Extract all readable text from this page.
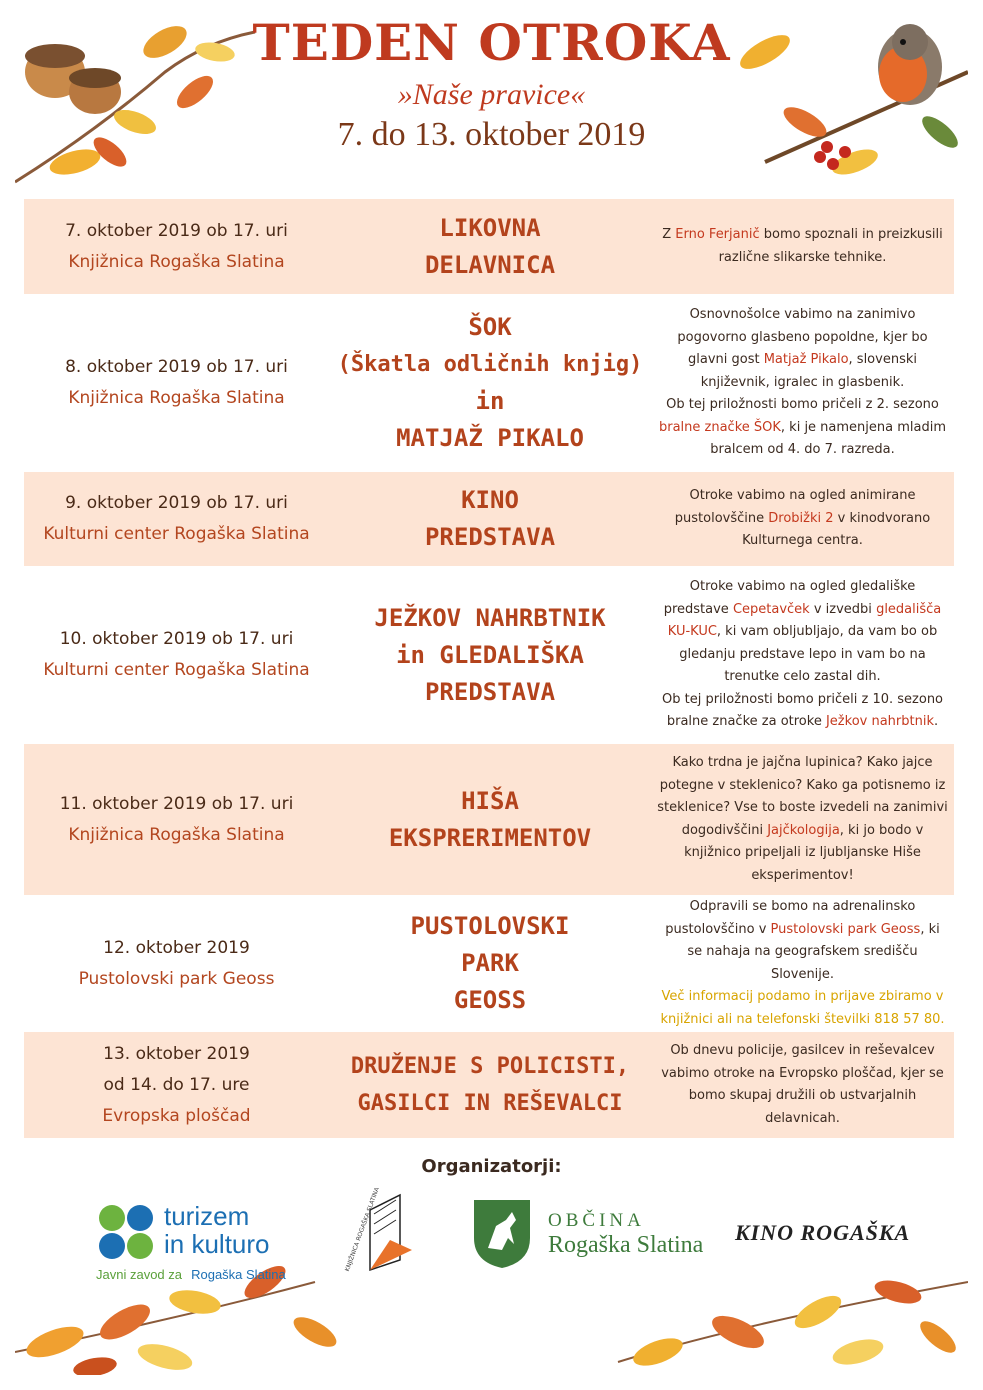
TEDEN OTROKA
»Naše pravice«
7. do 13. oktober 2019
7. oktober 2019 ob 17. uri
Knjižnica Rogaška Slatina
LIKOVNA
DELAVNICA
Z Erno Ferjanič bomo spoznali in preizkusili različne slikarske tehnike.
8. oktober 2019 ob 17. uri
Knjižnica Rogaška Slatina
ŠOK
(Škatla odličnih knjig)
in
MATJAŽ PIKALO
Osnovnošolce vabimo na zanimivo pogovorno glasbeno popoldne, kjer bo glavni gost Matjaž Pikalo, slovenski književnik, igralec in glasbenik.
Ob tej priložnosti bomo pričeli z 2. sezono bralne značke ŠOK, ki je namenjena mladim bralcem od 4. do 7. razreda.
9. oktober 2019 ob 17. uri
Kulturni center Rogaška Slatina
KINO
PREDSTAVA
Otroke vabimo na ogled animirane pustolovščine Drobižki 2 v kinodvorano Kulturnega centra.
10. oktober 2019 ob 17. uri
Kulturni center Rogaška Slatina
JEŽKOV NAHRBTNIK
in GLEDALIŠKA
PREDSTAVA
Otroke vabimo na ogled gledališke predstave Cepetavček v izvedbi gledališča KU-KUC, ki vam obljubljajo, da vam bo ob gledanju predstave lepo in vam bo na trenutke celo zastal dih.
Ob tej priložnosti bomo pričeli z 10. sezono bralne značke za otroke Ježkov nahrbtnik.
11. oktober 2019 ob 17. uri
Knjižnica Rogaška Slatina
HIŠA
EKSPRERIMENTOV
Kako trdna je jajčna lupinica? Kako jajce potegne v steklenico? Kako ga potisnemo iz steklenice? Vse to boste izvedeli na zanimivi dogodivščini Jajčkologija, ki jo bodo v knjižnico pripeljali iz ljubljanske Hiše eksperimentov!
12. oktober 2019
Pustolovski park Geoss
PUSTOLOVSKI
PARK
GEOSS
Odpravili se bomo na adrenalinsko pustolovščino v Pustolovski park Geoss, ki se nahaja na geografskem središču Slovenije.
Več informacij podamo in prijave zbiramo v knjižnici ali na telefonski številki 818 57 80.
13. oktober 2019
od 14. do 17. ure
Evropska ploščad
DRUŽENJE S POLICISTI,
GASILCI IN REŠEVALCI
Ob dnevu policije, gasilcev in reševalcev vabimo otroke na Evropsko ploščad, kjer se bomo skupaj družili ob ustvarjalnih delavnicah.
Organizatorji:
turizem
in kulturo
Javni zavod za Rogaška Slatina
KNJIŽNICA ROGAŠKA SLATINA	OBČINA
Rogaška Slatina KINO ROGAŠKA
